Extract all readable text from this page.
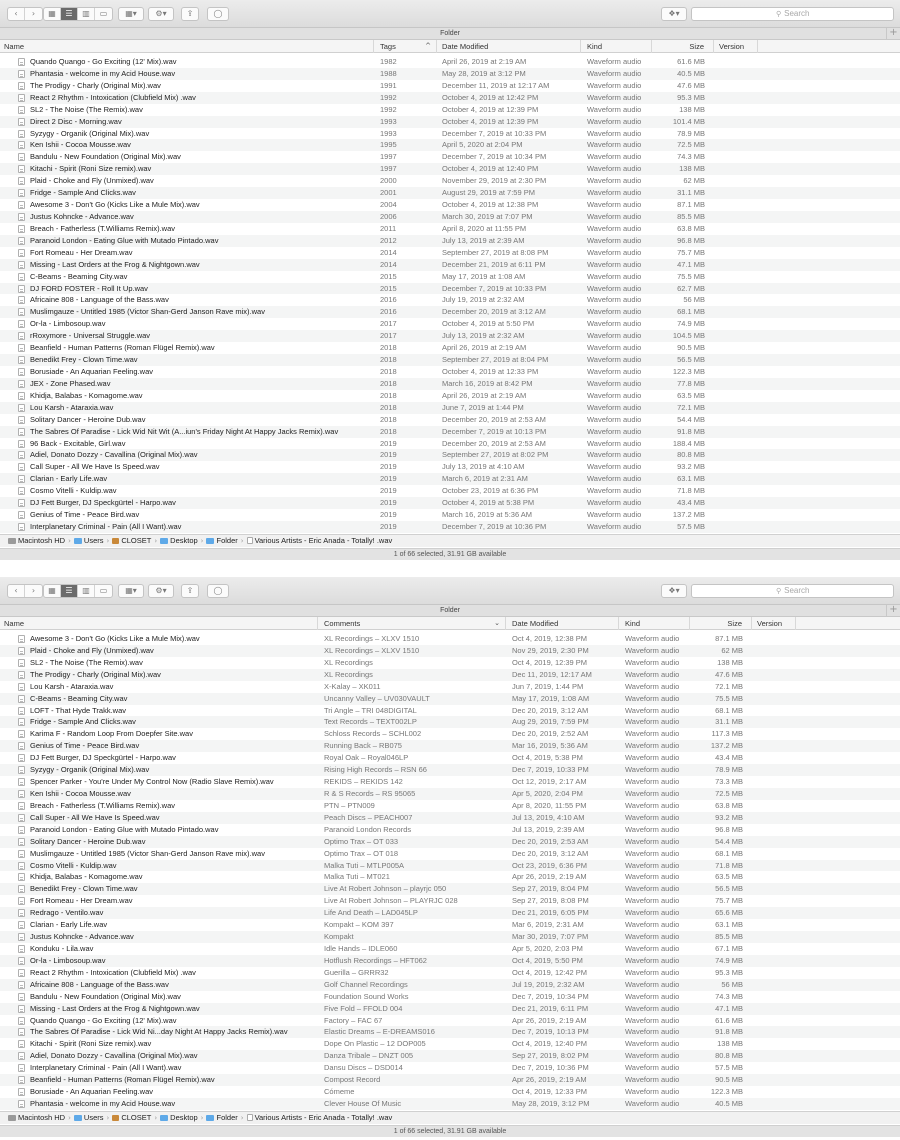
‹	›	▦	☰	▥	▭	▦▾	⚙▾	⇪	◯	❖▾	⚲ Search
Folder	+
Name	Tags	^	Date Modified	Kind	Size	Version
Quando Quango - Go Exciting (12' Mix).wav	1982	April 26, 2019 at 2:19 AM	Waveform audio	61.6 MB
Phantasia - welcome in my Acid House.wav	1988	May 28, 2019 at 3:12 PM	Waveform audio	40.5 MB
The Prodigy - Charly (Original Mix).wav	1991	December 11, 2019 at 12:17 AM	Waveform audio	47.6 MB
React 2 Rhythm - Intoxication (Clubfield Mix) .wav	1992	October 4, 2019 at 12:42 PM	Waveform audio	95.3 MB
SL2 - The Noise (The Remix).wav	1992	October 4, 2019 at 12:39 PM	Waveform audio	138 MB
Direct 2 Disc - Morning.wav	1993	October 4, 2019 at 12:39 PM	Waveform audio	101.4 MB
Syzygy - Organik (Original Mix).wav	1993	December 7, 2019 at 10:33 PM	Waveform audio	78.9 MB
Ken Ishii - Cocoa Mousse.wav	1995	April 5, 2020 at 2:04 PM	Waveform audio	72.5 MB
Bandulu - New Foundation (Original Mix).wav	1997	December 7, 2019 at 10:34 PM	Waveform audio	74.3 MB
Kitachi - Spirit (Roni Size remix).wav	1997	October 4, 2019 at 12:40 PM	Waveform audio	138 MB
Plaid - Choke and Fly (Unmixed).wav	2000	November 29, 2019 at 2:30 PM	Waveform audio	62 MB
Fridge - Sample And Clicks.wav	2001	August 29, 2019 at 7:59 PM	Waveform audio	31.1 MB
Awesome 3 - Don't Go (Kicks Like a Mule Mix).wav	2004	October 4, 2019 at 12:38 PM	Waveform audio	87.1 MB
Justus Kohncke - Advance.wav	2006	March 30, 2019 at 7:07 PM	Waveform audio	85.5 MB
Breach - Fatherless (T.Williams Remix).wav	2011	April 8, 2020 at 11:55 PM	Waveform audio	63.8 MB
Paranoid London - Eating Glue with Mutado Pintado.wav	2012	July 13, 2019 at 2:39 AM	Waveform audio	96.8 MB
Fort Romeau - Her Dream.wav	2014	September 27, 2019 at 8:08 PM	Waveform audio	75.7 MB
Missing - Last Orders at the Frog & Nightgown.wav	2014	December 21, 2019 at 6:11 PM	Waveform audio	47.1 MB
C-Beams - Beaming City.wav	2015	May 17, 2019 at 1:08 AM	Waveform audio	75.5 MB
DJ FORD FOSTER - Roll It Up.wav	2015	December 7, 2019 at 10:33 PM	Waveform audio	62.7 MB
Africaine 808 - Language of the Bass.wav	2016	July 19, 2019 at 2:32 AM	Waveform audio	56 MB
Muslimgauze - Untitled 1985 (Victor Shan-Gerd Janson Rave mix).wav	2016	December 20, 2019 at 3:12 AM	Waveform audio	68.1 MB
Or-la - Limbosoup.wav	2017	October 4, 2019 at 5:50 PM	Waveform audio	74.9 MB
rRoxymore - Universal Struggle.wav	2017	July 13, 2019 at 2:32 AM	Waveform audio	104.5 MB
Beanfield - Human Patterns (Roman Flügel Remix).wav	2018	April 26, 2019 at 2:19 AM	Waveform audio	90.5 MB
Benedikt Frey - Clown Time.wav	2018	September 27, 2019 at 8:04 PM	Waveform audio	56.5 MB
Borusiade - An Aquarian Feeling.wav	2018	October 4, 2019 at 12:33 PM	Waveform audio	122.3 MB
JEX - Zone Phased.wav	2018	March 16, 2019 at 8:42 PM	Waveform audio	77.8 MB
Khidja, Balabas - Komagome.wav	2018	April 26, 2019 at 2:19 AM	Waveform audio	63.5 MB
Lou Karsh - Ataraxia.wav	2018	June 7, 2019 at 1:44 PM	Waveform audio	72.1 MB
Solitary Dancer - Heroine Dub.wav	2018	December 20, 2019 at 2:53 AM	Waveform audio	54.4 MB
The Sabres Of Paradise - Lick Wid Nit Wit (A...iun's Friday Night At Happy Jacks Remix).wav	2018	December 7, 2019 at 10:13 PM	Waveform audio	91.8 MB
96 Back - Excitable, Girl.wav	2019	December 20, 2019 at 2:53 AM	Waveform audio	188.4 MB
Adiel, Donato Dozzy - Cavallina (Original Mix).wav	2019	September 27, 2019 at 8:02 PM	Waveform audio	80.8 MB
Call Super - All We Have Is Speed.wav	2019	July 13, 2019 at 4:10 AM	Waveform audio	93.2 MB
Clarian - Early Life.wav	2019	March 6, 2019 at 2:31 AM	Waveform audio	63.1 MB
Cosmo Vitelli - Kuldip.wav	2019	October 23, 2019 at 6:36 PM	Waveform audio	71.8 MB
DJ Fett Burger, DJ Speckgürtel - Harpo.wav	2019	October 4, 2019 at 5:38 PM	Waveform audio	43.4 MB
Genius of Time - Peace Bird.wav	2019	March 16, 2019 at 5:36 AM	Waveform audio	137.2 MB
Interplanetary Criminal - Pain (All I Want).wav	2019	December 7, 2019 at 10:36 PM	Waveform audio	57.5 MB
Macintosh HD › Users › CLOSET › Desktop › Folder › Various Artists - Eric Anada - Totally! .wav
1 of 66 selected, 31.91 GB available
‹	›	▦	☰	▥	▭	▦▾	⚙▾	⇪	◯	❖▾	⚲ Search
Folder	+
Name	Comments	⌄	Date Modified	Kind	Size	Version
Awesome 3 - Don't Go (Kicks Like a Mule Mix).wav	XL Recordings – XLXV 1510	Oct 4, 2019, 12:38 PM	Waveform audio	87.1 MB
Plaid - Choke and Fly (Unmixed).wav	XL Recordings – XLXV 1510	Nov 29, 2019, 2:30 PM	Waveform audio	62 MB
SL2 - The Noise (The Remix).wav	XL Recordings	Oct 4, 2019, 12:39 PM	Waveform audio	138 MB
The Prodigy - Charly (Original Mix).wav	XL Recordings	Dec 11, 2019, 12:17 AM	Waveform audio	47.6 MB
Lou Karsh - Ataraxia.wav	X-Kalay – XK011	Jun 7, 2019, 1:44 PM	Waveform audio	72.1 MB
C-Beams - Beaming City.wav	Uncanny Valley – UV030VAULT	May 17, 2019, 1:08 AM	Waveform audio	75.5 MB
LOFT - That Hyde Trakk.wav	Tri Angle – TRI 048DIGITAL	Dec 20, 2019, 3:12 AM	Waveform audio	68.1 MB
Fridge - Sample And Clicks.wav	Text Records – TEXT002LP	Aug 29, 2019, 7:59 PM	Waveform audio	31.1 MB
Karima F - Random Loop From Doepfer Site.wav	Schloss Records – SCHL002	Dec 20, 2019, 2:52 AM	Waveform audio	117.3 MB
Genius of Time - Peace Bird.wav	Running Back – RB075	Mar 16, 2019, 5:36 AM	Waveform audio	137.2 MB
DJ Fett Burger, DJ Speckgürtel - Harpo.wav	Royal Oak – Royal046LP	Oct 4, 2019, 5:38 PM	Waveform audio	43.4 MB
Syzygy - Organik (Original Mix).wav	Rising High Records – RSN 66	Dec 7, 2019, 10:33 PM	Waveform audio	78.9 MB
Spencer Parker - You're Under My Control Now (Radio Slave Remix).wav	REKIDS – REKIDS 142	Oct 12, 2019, 2:17 AM	Waveform audio	73.3 MB
Ken Ishii - Cocoa Mousse.wav	R & S Records – RS 95065	Apr 5, 2020, 2:04 PM	Waveform audio	72.5 MB
Breach - Fatherless (T.Williams Remix).wav	PTN – PTN009	Apr 8, 2020, 11:55 PM	Waveform audio	63.8 MB
Call Super - All We Have Is Speed.wav	Peach Discs – PEACH007	Jul 13, 2019, 4:10 AM	Waveform audio	93.2 MB
Paranoid London - Eating Glue with Mutado Pintado.wav	Paranoid London Records	Jul 13, 2019, 2:39 AM	Waveform audio	96.8 MB
Solitary Dancer - Heroine Dub.wav	Optimo Trax – OT 033	Dec 20, 2019, 2:53 AM	Waveform audio	54.4 MB
Muslimgauze - Untitled 1985 (Victor Shan-Gerd Janson Rave mix).wav	Optimo Trax – OT 018	Dec 20, 2019, 3:12 AM	Waveform audio	68.1 MB
Cosmo Vitelli - Kuldip.wav	Malka Tuti – MTLP005A	Oct 23, 2019, 6:36 PM	Waveform audio	71.8 MB
Khidja, Balabas - Komagome.wav	Malka Tuti – MT021	Apr 26, 2019, 2:19 AM	Waveform audio	63.5 MB
Benedikt Frey - Clown Time.wav	Live At Robert Johnson – playrjc 050	Sep 27, 2019, 8:04 PM	Waveform audio	56.5 MB
Fort Romeau - Her Dream.wav	Live At Robert Johnson – PLAYRJC 028	Sep 27, 2019, 8:08 PM	Waveform audio	75.7 MB
Redrago - Ventilo.wav	Life And Death – LAD045LP	Dec 21, 2019, 6:05 PM	Waveform audio	65.6 MB
Clarian - Early Life.wav	Kompakt – KOM 397	Mar 6, 2019, 2:31 AM	Waveform audio	63.1 MB
Justus Kohncke - Advance.wav	Kompakt	Mar 30, 2019, 7:07 PM	Waveform audio	85.5 MB
Konduku - Lila.wav	Idle Hands – IDLE060	Apr 5, 2020, 2:03 PM	Waveform audio	67.1 MB
Or-la - Limbosoup.wav	Hotflush Recordings – HFT062	Oct 4, 2019, 5:50 PM	Waveform audio	74.9 MB
React 2 Rhythm - Intoxication (Clubfield Mix) .wav	Guerilla – GRRR32	Oct 4, 2019, 12:42 PM	Waveform audio	95.3 MB
Africaine 808 - Language of the Bass.wav	Golf Channel Recordings	Jul 19, 2019, 2:32 AM	Waveform audio	56 MB
Bandulu - New Foundation (Original Mix).wav	Foundation Sound Works	Dec 7, 2019, 10:34 PM	Waveform audio	74.3 MB
Missing - Last Orders at the Frog & Nightgown.wav	Five Fold – FFOLD 004	Dec 21, 2019, 6:11 PM	Waveform audio	47.1 MB
Quando Quango - Go Exciting (12' Mix).wav	Factory – FAC 67	Apr 26, 2019, 2:19 AM	Waveform audio	61.6 MB
The Sabres Of Paradise - Lick Wid Ni...day Night At Happy Jacks Remix).wav	Elastic Dreams – E-DREAMS016	Dec 7, 2019, 10:13 PM	Waveform audio	91.8 MB
Kitachi - Spirit (Roni Size remix).wav	Dope On Plastic – 12 DOP005	Oct 4, 2019, 12:40 PM	Waveform audio	138 MB
Adiel, Donato Dozzy - Cavallina (Original Mix).wav	Danza Tribale – DNZT 005	Sep 27, 2019, 8:02 PM	Waveform audio	80.8 MB
Interplanetary Criminal - Pain (All I Want).wav	Dansu Discs – DSD014	Dec 7, 2019, 10:36 PM	Waveform audio	57.5 MB
Beanfield - Human Patterns (Roman Flügel Remix).wav	Compost Record	Apr 26, 2019, 2:19 AM	Waveform audio	90.5 MB
Borusiade - An Aquarian Feeling.wav	Cómeme	Oct 4, 2019, 12:33 PM	Waveform audio	122.3 MB
Phantasia - welcome in my Acid House.wav	Clever House Of Music	May 28, 2019, 3:12 PM	Waveform audio	40.5 MB
Macintosh HD › Users › CLOSET › Desktop › Folder › Various Artists - Eric Anada - Totally! .wav
1 of 66 selected, 31.91 GB available
